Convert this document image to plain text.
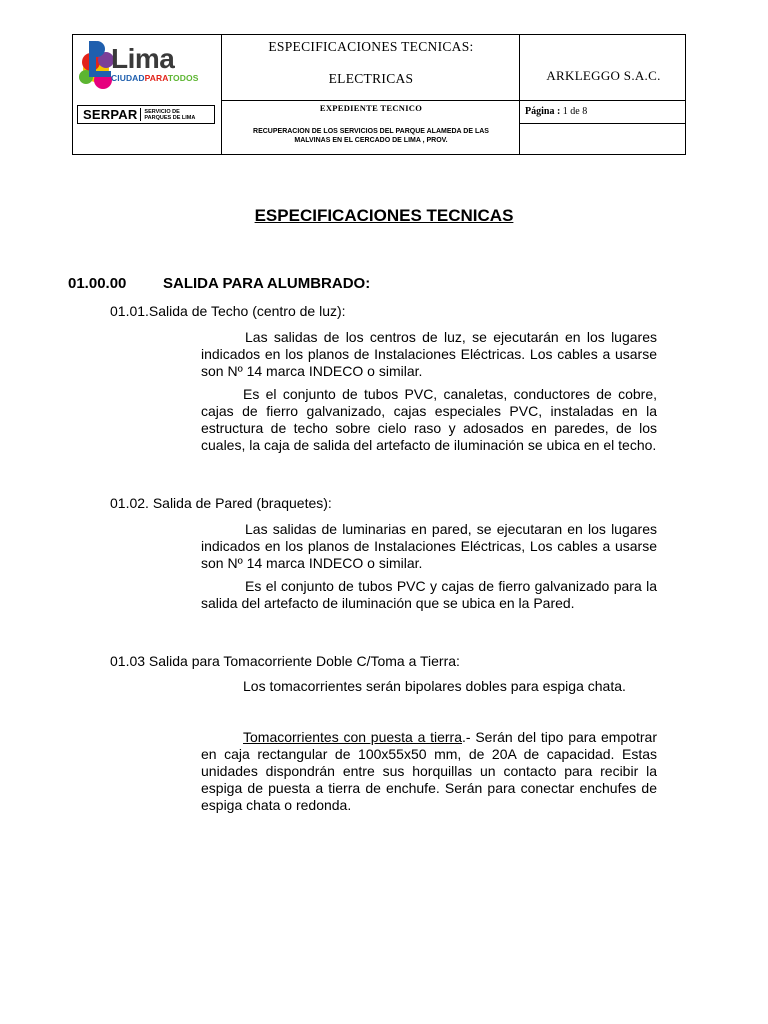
Lima
CIUDADPARATODOS
SERPAR SERVICIO DE
PARQUES DE LIMA
ESPECIFICACIONES TECNICAS:
ELECTRICAS	ARKLEGGO S.A.C.
EXPEDIENTE TECNICO
RECUPERACION DE LOS SERVICIOS DEL PARQUE ALAMEDA DE LAS
MALVINAS EN EL CERCADO DE LIMA , PROV.
Página : 1 de 8
ESPECIFICACIONES TECNICAS
01.00.00 SALIDA PARA ALUMBRADO:
01.01.Salida de Techo (centro de luz):

Las salidas de los centros de luz, se ejecutarán en los lugares indicados en los planos de Instalaciones Eléctricas. Los cables a usarse son Nº 14 marca INDECO o similar.

Es el conjunto de tubos PVC, canaletas, conductores de cobre, cajas de fierro galvanizado, cajas especiales PVC, instaladas en la estructura de techo sobre cielo raso y adosados en paredes, de los cuales, la caja de salida del artefacto de iluminación se ubica en el techo.

01.02. Salida de Pared (braquetes):

Las salidas de luminarias en pared, se ejecutaran en los lugares indicados en los planos de Instalaciones Eléctricas, Los cables a usarse son Nº 14 marca INDECO o similar.

Es el conjunto de tubos PVC y cajas de fierro galvanizado para la salida del artefacto de iluminación que se ubica en la Pared.

01.03 Salida para Tomacorriente Doble C/Toma a Tierra:

Los tomacorrientes serán bipolares dobles para espiga chata.

Tomacorrientes con puesta a tierra.- Serán del tipo para empotrar en caja rectangular de 100x55x50 mm, de 20A de capacidad. Estas unidades dispondrán entre sus horquillas un contacto para recibir la espiga de puesta a tierra de enchufe. Serán para conectar enchufes de espiga chata o redonda.
